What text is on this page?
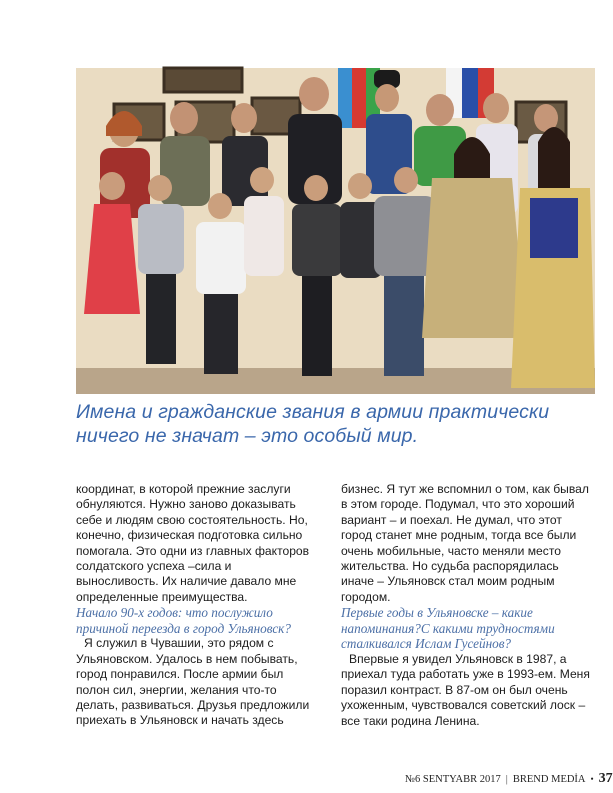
Имена и гражданские звания в армии практически ничего не значат – это особый мир.

координат, в которой прежние заслуги обнуляются. Нужно заново доказывать себе и людям свою состоятельность. Но, конечно, физическая подготовка сильно помогала. Это одни из главных факторов солдатского успеха –сила и выносливость. Их наличие давало мне определенные преимущества.

Начало 90-х годов: что послужило причиной переезда в город Ульяновск?

Я служил в Чувашии, это рядом с Ульяновском. Удалось в нем побывать, город понравился. После армии был полон сил, энергии, желания что-то делать, развиваться. Друзья предложили приехать в Ульяновск и начать здесь

бизнес. Я тут же вспомнил о том, как бывал в этом городе. Подумал, что это хороший вариант – и поехал. Не думал, что этот город станет мне родным, тогда все были очень мобильные, часто меняли место жительства. Но судьба распорядилась иначе – Ульяновск стал моим родным городом.

Первые годы в Ульяновске – какие напоминания?С какими трудностями сталкивался Ислам Гусейнов?

Впервые я увидел Ульяновск в 1987, а приехал туда работать уже в 1993-ем. Меня поразил контраст. В 87-ом он был очень ухоженным, чувствовался советский лоск – все таки родина Ленина.

№6 SENTYABR 2017 | BREND MEDİA • 37
